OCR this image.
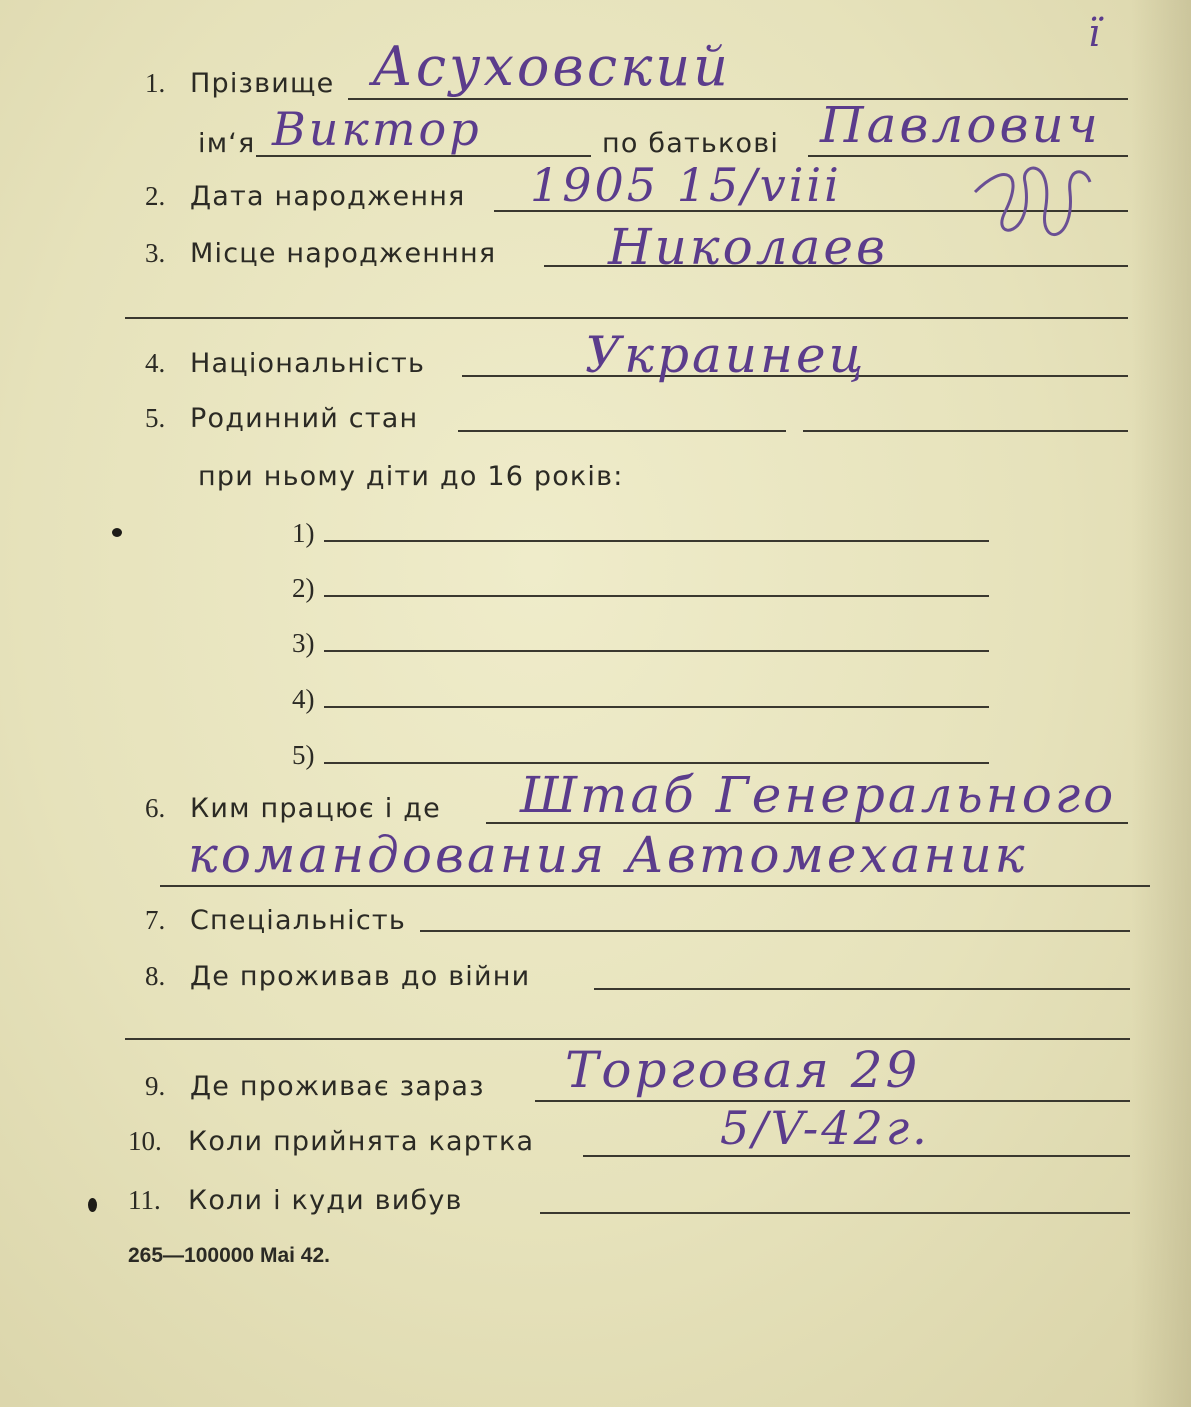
1. Прізвище Асуховский
ї
ім‘я Виктор	по батькові Павлович
2. Дата народження 1905 15/viii
3. Місце народженння Николаев
4. Національність	Украинец
5. Родинний стан
при ньому діти до 16 років:
1)
2)
3)
4)
5)
6. Ким працює і де Штаб Генерального
командования Автомеханик
7. Спеціальність
8. Де проживав до війни
9. Де проживає зараз Торговая 29
10. Коли прийнята картка	5/V-42г.
11. Коли і куди вибув
265—100000 Mai 42.
